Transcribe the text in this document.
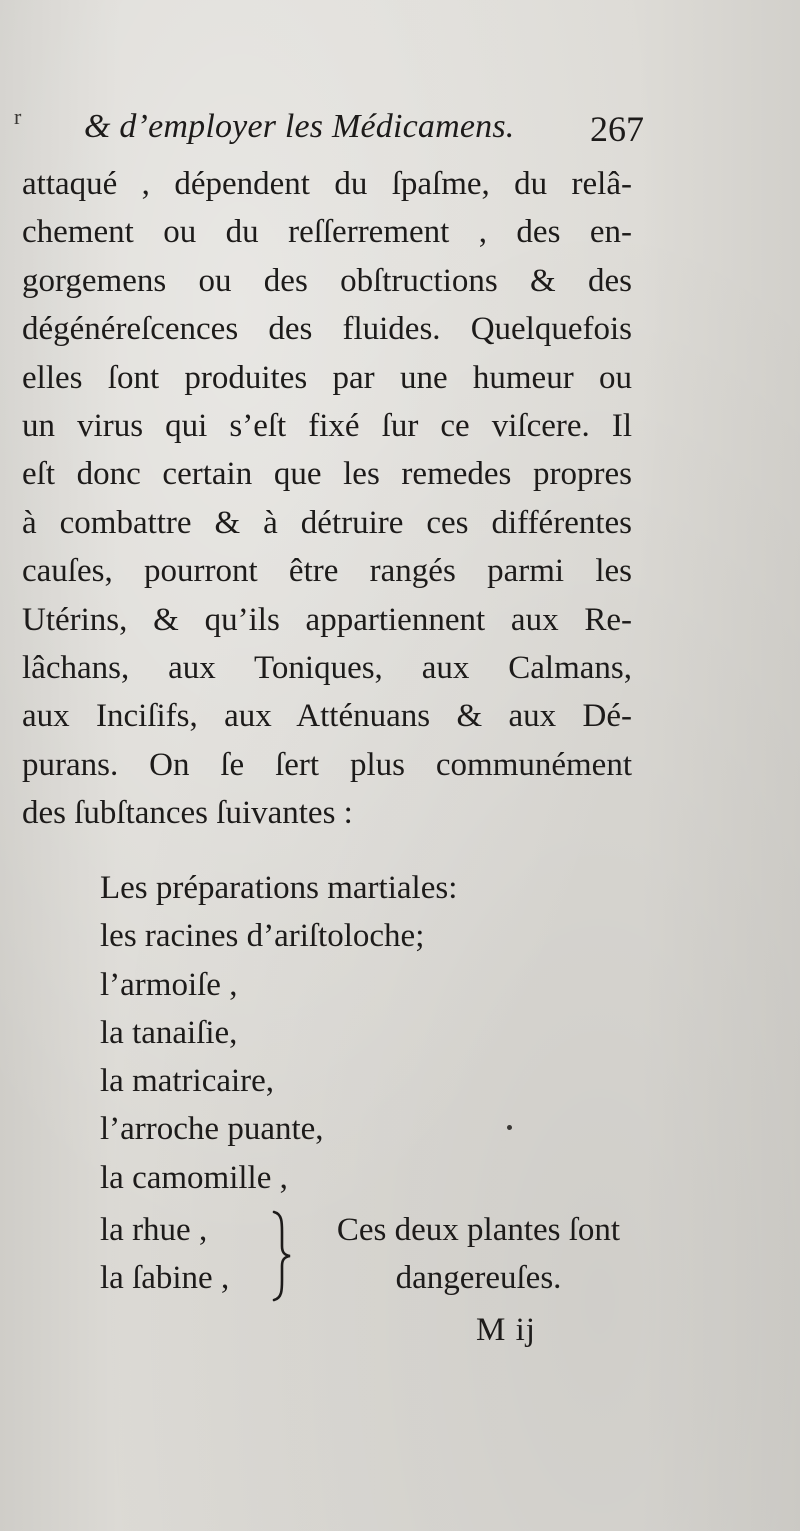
r & d’employer les Médicamens. 267
attaqué , dépendent du ſpaſme, du relâ-
chement ou du reſſerrement , des en-
gorgemens ou des obſtructions & des
dégénéreſcences des fluides. Quelquefois
elles ſont produites par une humeur ou
un virus qui s’eſt fixé ſur ce viſcere. Il
eſt donc certain que les remedes propres
à combattre & à détruire ces différentes
cauſes, pourront être rangés parmi les
Utérins, & qu’ils appartiennent aux Re-
lâchans, aux Toniques, aux Calmans,
aux Inciſifs, aux Atténuans & aux Dé-
purans. On ſe ſert plus communément
des ſubſtances ſuivantes :
Les préparations martiales:
les racines d’ariſtoloche;
l’armoiſe ,
la tanaiſie,
la matricaire,
l’arroche puante,
la camomille ,
la rhue ,
la ſabine ,
Ces deux plantes ſont
dangereuſes.
M ij
